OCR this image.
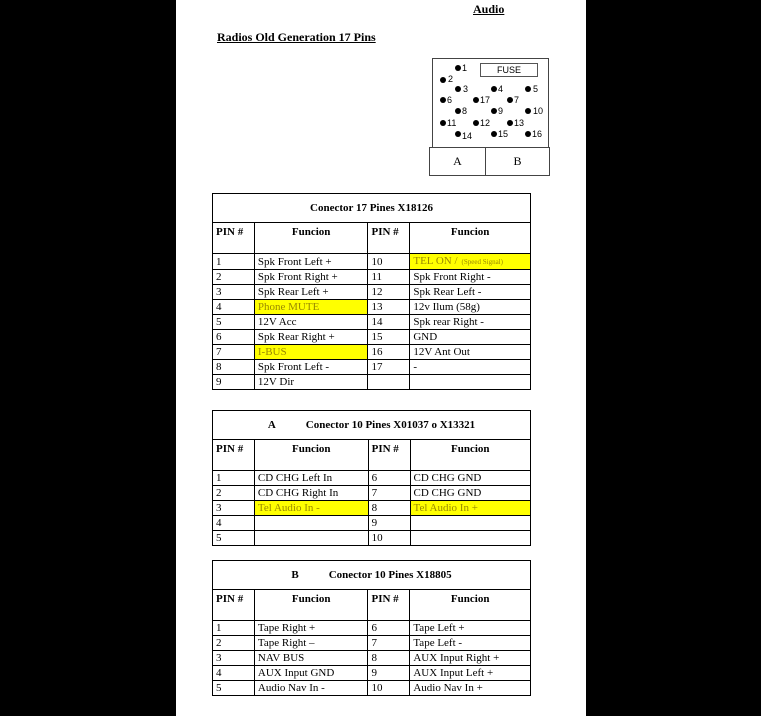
Audio
Radios Old Generation 17 Pins
1
2
3	4	5
6	17	7
8	9	10
11	12	13
14	15	16
FUSE
A	B
Conector 17 Pines X18126			
PIN #	Funcion	PIN #	Funcion
1	Spk Front Left +	10	TEL ON / (Speed Signal)
2	Spk Front Right +	11	Spk Front Right -
3	Spk Rear Left +	12	Spk Rear Left -
4	Phone MUTE	13	12v Ilum (58g)
5	12V Acc	14	Spk rear Right -
6	Spk Rear Right +	15	GND
7	I-BUS	16	12V Ant Out
8	Spk Front Left -	17	-
9	12V Dir		
A Conector 10 Pines X01037 o X13321			
PIN #	Funcion	PIN #	Funcion
1	CD CHG Left In	6	CD CHG GND
2	CD CHG Right In	7	CD CHG GND
3	Tel Audio In -	8	Tel Audio In +
4		9	
5		10	
B Conector 10 Pines X18805			
PIN #	Funcion	PIN #	Funcion
1	Tape Right +	6	Tape Left +
2	Tape Right –	7	Tape Left -
3	NAV BUS	8	AUX Input Right +
4	AUX Input GND	9	AUX Input Left +
5	Audio Nav In -	10	Audio Nav In +
